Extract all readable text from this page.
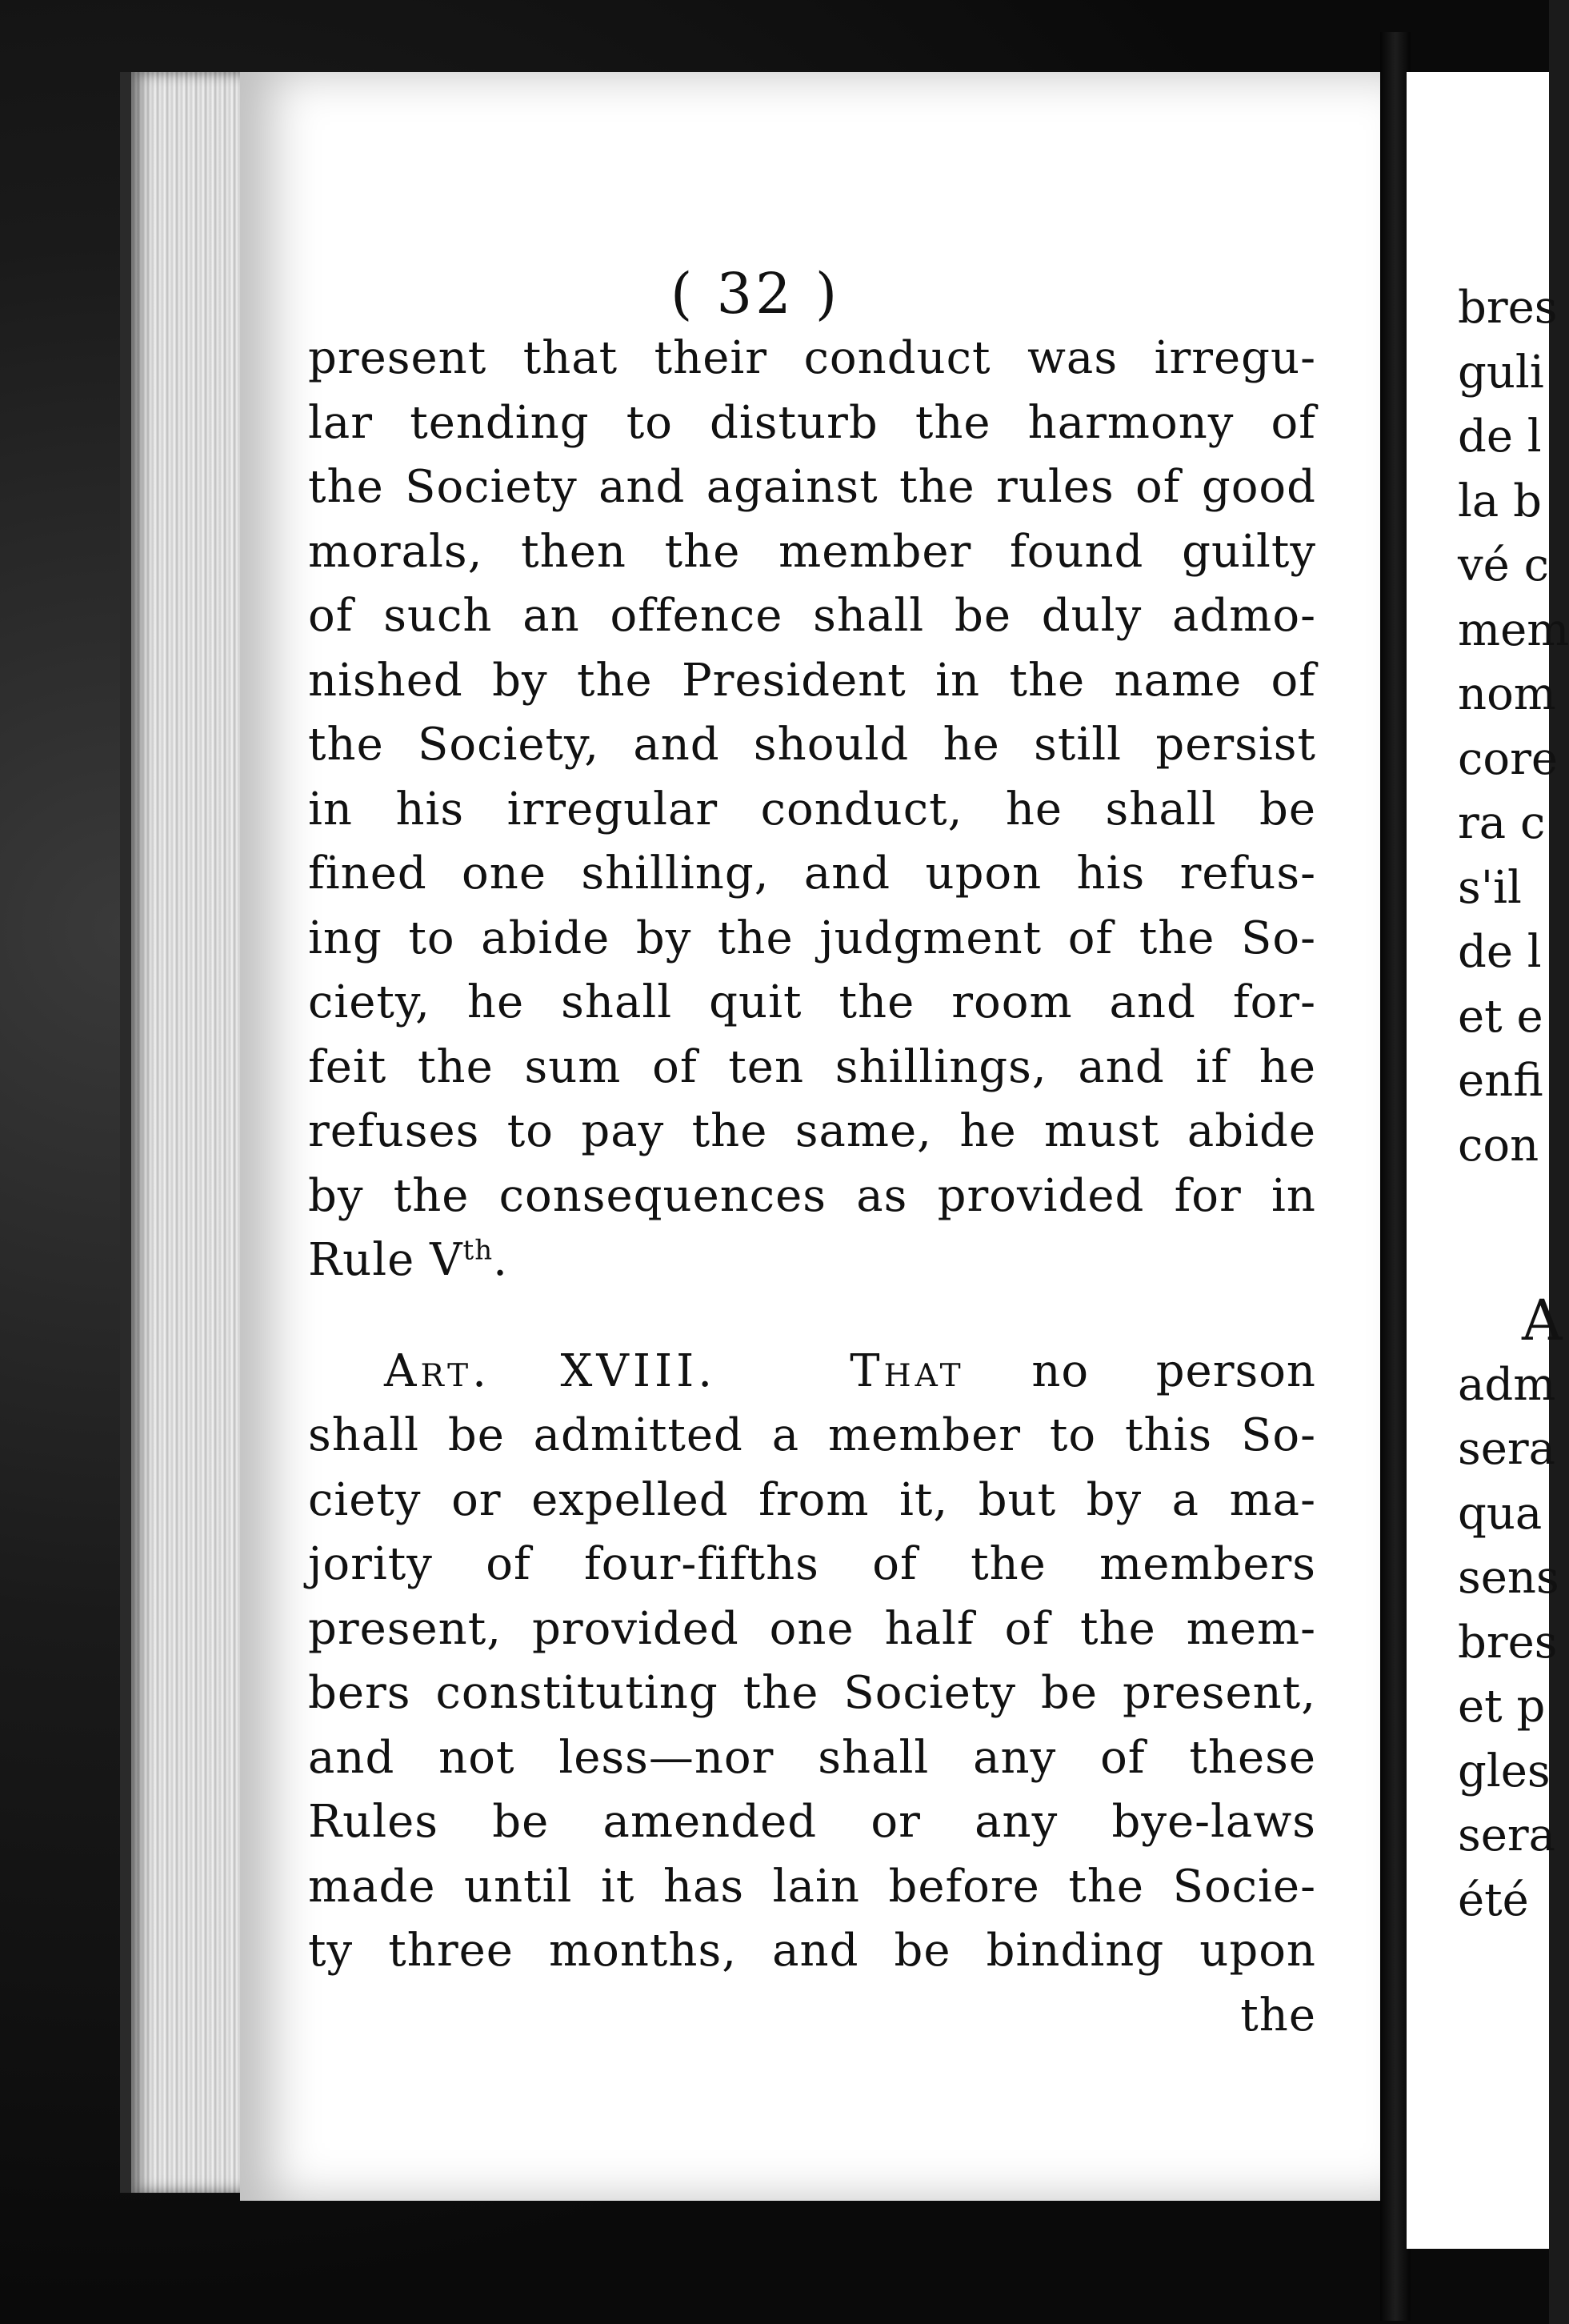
( 32 )
present that their conduct was irregu-
lar tending to disturb the harmony of
the Society and against the rules of good
morals, then the member found guilty
of such an offence shall be duly admo-
nished by the President in the name of
the Society, and should he still persist
in his irregular conduct, he shall be
fined one shilling, and upon his refus-
ing to abide by the judgment of the So-
ciety, he shall quit the room and for-
feit the sum of ten shillings, and if he
refuses to pay the same, he must abide
by the consequences as provided for in
Rule Vth.
Art. XVIII.	That no person
shall be admitted a member to this So-
ciety or expelled from it, but by a ma-
jority of four-fifths of the members
present, provided one half of the mem-
bers constituting the Society be present,
and not less—nor shall any of these
Rules be amended or any bye-laws
made until it has lain before the Socie-
ty three months, and be binding upon
the
bres
guli
de l
la b
vé c
mem
nom
core
ra c
s'il
de l
et e
enfi
con
A
adm
sera
qua
sens
bres
et p
gles
sera
été
